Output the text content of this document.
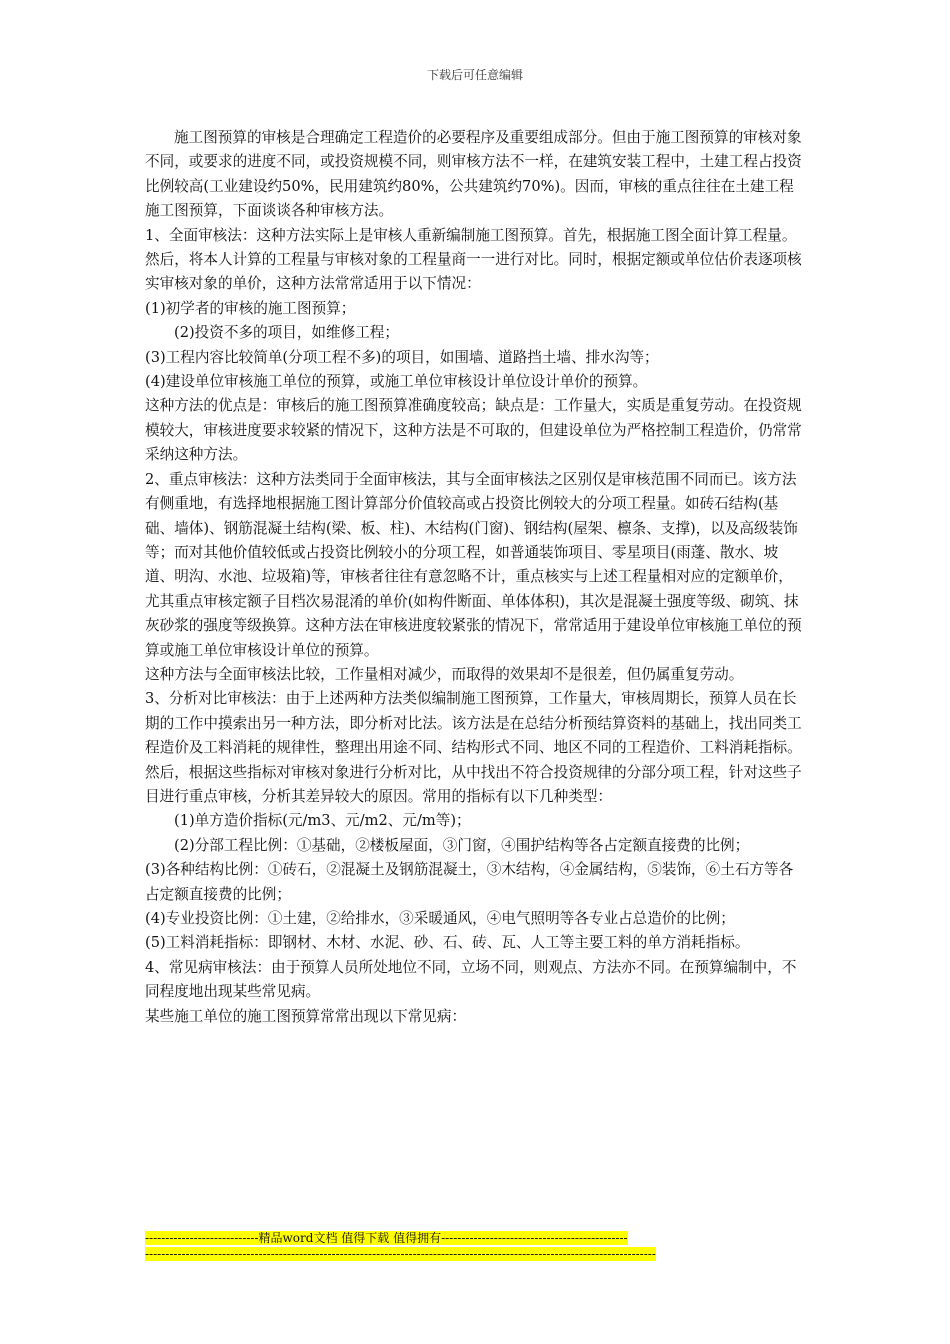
下载后可任意编辑

施工图预算的审核是合理确定工程造价的必要程序及重要组成部分。但由于施工图预算的审核对象不同，或要求的进度不同，或投资规模不同，则审核方法不一样，在建筑安装工程中，土建工程占投资比例较高(工业建设约50%，民用建筑约80%，公共建筑约70%)。因而，审核的重点往往在土建工程施工图预算，下面谈谈各种审核方法。

1、全面审核法：这种方法实际上是审核人重新编制施工图预算。首先，根据施工图全面计算工程量。然后，将本人计算的工程量与审核对象的工程量商一一进行对比。同时，根据定额或单位估价表逐项核实审核对象的单价，这种方法常常适用于以下情况：

(1)初学者的审核的施工图预算；

(2)投资不多的项目，如维修工程；

(3)工程内容比较简单(分项工程不多)的项目，如围墙、道路挡土墙、排水沟等；

(4)建设单位审核施工单位的预算，或施工单位审核设计单位设计单价的预算。

这种方法的优点是：审核后的施工图预算准确度较高；缺点是：工作量大，实质是重复劳动。在投资规模较大，审核进度要求较紧的情况下，这种方法是不可取的，但建设单位为严格控制工程造价，仍常常采纳这种方法。

2、重点审核法：这种方法类同于全面审核法，其与全面审核法之区别仅是审核范围不同而已。该方法有侧重地，有选择地根据施工图计算部分价值较高或占投资比例较大的分项工程量。如砖石结构(基础、墙体)、钢筋混凝土结构(梁、板、柱)、木结构(门窗)、钢结构(屋架、檩条、支撑)，以及高级装饰等；而对其他价值较低或占投资比例较小的分项工程，如普通装饰项目、零星项目(雨蓬、散水、坡道、明沟、水池、垃圾箱)等，审核者往往有意忽略不计，重点核实与上述工程量相对应的定额单价，尤其重点审核定额子目档次易混淆的单价(如构件断面、单体体积)，其次是混凝土强度等级、砌筑、抹灰砂浆的强度等级换算。这种方法在审核进度较紧张的情况下，常常适用于建设单位审核施工单位的预算或施工单位审核设计单位的预算。

这种方法与全面审核法比较，工作量相对减少，而取得的效果却不是很差，但仍属重复劳动。

3、分析对比审核法：由于上述两种方法类似编制施工图预算，工作量大，审核周期长，预算人员在长期的工作中摸索出另一种方法，即分析对比法。该方法是在总结分析预结算资料的基础上，找出同类工程造价及工料消耗的规律性，整理出用途不同、结构形式不同、地区不同的工程造价、工料消耗指标。然后，根据这些指标对审核对象进行分析对比，从中找出不符合投资规律的分部分项工程，针对这些子目进行重点审核，分析其差异较大的原因。常用的指标有以下几种类型：

(1)单方造价指标(元/m3、元/m2、元/m等)；

(2)分部工程比例：①基础，②楼板屋面，③门窗，④围护结构等各占定额直接费的比例；

(3)各种结构比例：①砖石，②混凝土及钢筋混凝土，③木结构，④金属结构，⑤装饰，⑥土石方等各占定额直接费的比例；

(4)专业投资比例：①土建，②给排水，③采暖通风，④电气照明等各专业占总造价的比例；

(5)工料消耗指标：即钢材、木材、水泥、砂、石、砖、瓦、人工等主要工料的单方消耗指标。

4、常见病审核法：由于预算人员所处地位不同，立场不同，则观点、方法亦不同。在预算编制中，不同程度地出现某些常见病。

某些施工单位的施工图预算常常出现以下常见病：

----------------------------精品word文档 值得下载 值得拥有----------------------------------------------
------------------------------------------------------------------------------------------------------------------------------
